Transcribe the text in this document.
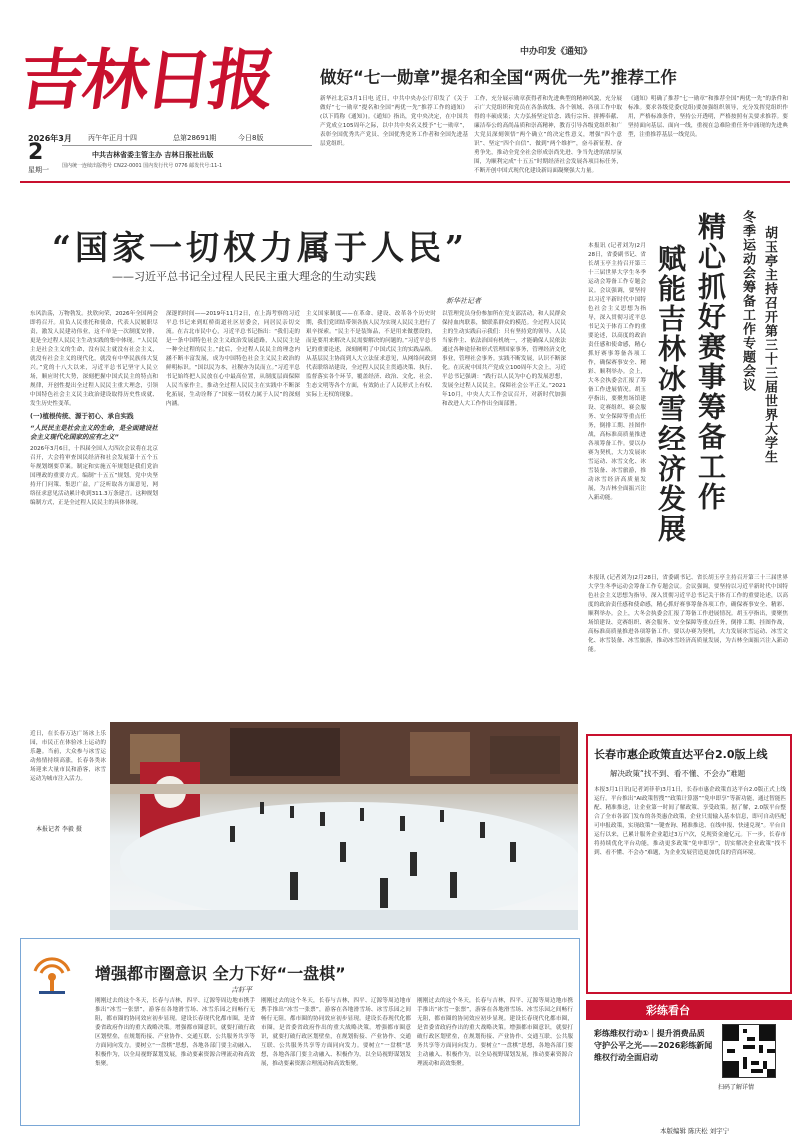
吉林日报
2026年3月
2
星期一
丙午年正月十四	总第28691期	今日8版
中共吉林省委主管主办 吉林日报社出版
国内统一连续出版物号 CN22-0001 国内发行代号 0776 邮发代号:11-1
中办印发《通知》
做好“七一勋章”提名和全国“两优一先”推荐工作
新华社北京3月1日电 近日，中共中央办公厅印发了《关于做好“七一勋章”提名和全国“两优一先”推荐工作的通知》(以下简称《通知》)。《通知》指出，党中央决定，在中国共产党成立105周年之际，以中共中央名义授予“七一勋章”，表彰全国优秀共产党员、全国优秀党务工作者和全国先进基层党组织。
工作，充分展示勋章获得者和先进典型的精神风貌，充分展示广大党组织和党员在各条战线、各个领域、各项工作中取得的丰硕成果；大力弘扬坚定信念、践行宗旨、拼搏奉献、廉洁奉公的高尚品质和崇高精神，教育引导各级党组织和广大党员深刻领悟“两个确立”的决定性意义，增强“四个意识”、坚定“四个自信”、做到“两个维护”，奋斗新征程、奋勇争先，推动全党全社会形成崇尚先进、争当先进的浓厚氛围，为顺利完成“十五五”时期经济社会发展各项目标任务，不断开创中国式现代化建设新局面凝聚强大力量。
《通知》明确了推荐“七一勋章”和推荐全国“两优一先”的条件和标准。要求各级党委(党组)要加强组织领导，充分发挥党组织作用，严格标准条件，坚持公开透明，严格按照有关要求推荐。要坚持面向基层、面向一线，重视在急难险重任务中涌现的先进典型，注重推荐基层一线党员。
“国家一切权力属于人民”
——习近平总书记全过程人民民主重大理念的生动实践
新华社记者
东风浩荡，万物勃发。扶欣向荣，2026年全国两会即将召开。肩负人民重托和使命，代表人民履职尽责，激发人民建功伟业，这不单是一次制度安排，更是全过程人民民主生动实践的集中体现。“人民民主是社会主义的生命，没有民主就没有社会主义，就没有社会主义的现代化，就没有中华民族伟大复兴。”党的十八大以来，习近平总书记坚守人民立场，顺应时代大势，深刻把握中国式民主的特点和规律，开创性提出全过程人民民主重大理念，引领中国特色社会主义民主政治建设取得历史性成就、发生历史性变革。
(一)植根传统、源于初心、承自实践
“人民民主是社会主义的生命，是全面建设社会主义现代化国家的应有之义”
2026年3月6日，十四届全国人大四次会议将在北京召开，大会将审查国民经济和社会发展第十五个五年规划纲要草案。制定和实施五年规划是我们党治国理政的重要方式。编制“十五五”规划，党中央坚持开门问策、集思广益，广泛听取各方面意见，网络征求意见活动累计收到311.3万条建言。这种规划编制方式，正是全过程人民民主的具体体现。
深邃的时间——2019年11月2日，在上海考察的习近平总书记来到虹桥街道社区居委会，同居民亲切交流。在古北市民中心，习近平总书记指出：“我们走的是一条中国特色社会主义政治发展道路，人民民主是一种全过程的民主。”此后，全过程人民民主的理念内涵不断丰富发展，成为中国特色社会主义民主政治的鲜明标识。“国以民为本，社稷亦为民而立。”习近平总书记始终把人民放在心中最高位置，从制度层面保障人民当家作主，推动全过程人民民主在实践中不断深化拓展，生动诠释了“国家一切权力属于人民”的深刻内涵。
主义国家制度——在革命、建设、改革各个历史时期，我们党团结带领各族人民为实现人民民主进行了艰辛探索。“民主不是装饰品，不是用来做摆设的，而是要用来解决人民需要解决的问题的。”习近平总书记的重要论述，深刻阐明了中国式民主的实践品格。从基层民主协商到人大立法征求意见，从网络问政到代表联络站建设，全过程人民民主贯通决策、执行、监督落实各个环节，覆盖经济、政治、文化、社会、生态文明等各个方面，有效防止了人民形式上有权、实际上无权的现象。
以管理党员身份参加所在党支部活动，和人民群众保持血肉联系，做联系群众的模范。全过程人民民主的生动实践启示我们：只有坚持党的领导、人民当家作主、依法治国有机统一，才能确保人民依法通过各种途径和形式管理国家事务，管理经济文化事业，管理社会事务。实践不断发展，认识不断深化。在庆祝中国共产党成立100周年大会上，习近平总书记强调：“践行以人民为中心的发展思想，发展全过程人民民主，保障社会公平正义。”2021年10月，中央人大工作会议召开，对新时代加强和改进人大工作作出全面部署。
近日，在长春万达广场冰上乐园，市民正在体验冰上运动的乐趣。当前，大众参与冰雪运动热情持续高涨，长春各类冰场迎来大量市民和游客，冰雪运动为城市注入活力。
本报记者 李毅 摄
胡玉亭主持召开第三十三届世界大学生
冬季运动会筹备工作专题会议
精心抓好赛事筹备工作
赋能吉林冰雪经济发展
本报讯 (记者刘为)2月28日，省委副书记、省长胡玉亭主持召开第三十三届世界大学生冬季运动会筹备工作专题会议。会议强调，要坚持以习近平新时代中国特色社会主义思想为指导，深入贯彻习近平总书记关于体育工作的重要论述，以高度的政治责任感和使命感，精心抓好赛事筹备各项工作，确保赛事安全、精彩、顺利举办。会上，大冬会执委会汇报了筹备工作进展情况。胡玉亭指出，要聚焦场馆建设、竞赛组织、赛会服务、安全保障等重点任务，倒排工期、挂图作战，高标准高质量推进各项筹备工作。要以办赛为契机，大力发展冰雪运动、冰雪文化、冰雪装备、冰雪旅游，推动冰雪经济高质量发展，为吉林全面振兴注入新动能。
本报讯 (记者刘为)2月28日，省委副书记、省长胡玉亭主持召开第三十三届世界大学生冬季运动会筹备工作专题会议。会议强调，要坚持以习近平新时代中国特色社会主义思想为指导，深入贯彻习近平总书记关于体育工作的重要论述，以高度的政治责任感和使命感，精心抓好赛事筹备各项工作，确保赛事安全、精彩、顺利举办。会上，大冬会执委会汇报了筹备工作进展情况。胡玉亭指出，要聚焦场馆建设、竞赛组织、赛会服务、安全保障等重点任务，倒排工期、挂图作战，高标准高质量推进各项筹备工作。要以办赛为契机，大力发展冰雪运动、冰雪文化、冰雪装备、冰雪旅游，推动冰雪经济高质量发展，为吉林全面振兴注入新动能。
长春市惠企政策直达平台2.0版上线
解决政策“找不到、看不懂、不会办”难题
本报3月1日讯(记者刘菲菲)3月1日，长春市惠企政策直达平台2.0版正式上线运行。平台推出“AI政策智搜”“政策计算器”“免申即享”等新功能，通过智能匹配、精准推送，让企业第一时间了解政策、享受政策。据了解，2.0版平台整合了全市各部门发布的各类惠企政策，企业只需输入基本信息，即可自动匹配可申报政策，实现政策“一键查询、精准推送、在线申报、快速兑现”。平台自运行以来，已累计服务企业超过3万户次，兑现资金逾亿元。下一步，长春市将持续优化平台功能，推动更多政策“免申即享”，切实解决企业政策“找不到、看不懂、不会办”难题，为企业发展营造更加优良的营商环境。
增强都市圈意识 全力下好“一盘棋”
吉轩平
刚刚过去的这个冬天，长春与吉林，四平、辽源等周边地市携手推出“冰雪一张票”，游客在各地滑雪场、冰雪乐园之间畅行无阻，都市圈的协同效应初步显现。建设长春现代化都市圈，是省委省政府作出的重大战略决策。增强都市圈意识，就要打破行政区划壁垒，在规划衔接、产业协作、交通互联、公共服务共享等方面同向发力。要树立“一盘棋”思想，各地各部门要主动融入、积极作为，以全局视野谋划发展，推动要素资源合理流动和高效集聚。
刚刚过去的这个冬天，长春与吉林，四平、辽源等周边地市携手推出“冰雪一张票”，游客在各地滑雪场、冰雪乐园之间畅行无阻，都市圈的协同效应初步显现。建设长春现代化都市圈，是省委省政府作出的重大战略决策。增强都市圈意识，就要打破行政区划壁垒，在规划衔接、产业协作、交通互联、公共服务共享等方面同向发力。要树立“一盘棋”思想，各地各部门要主动融入、积极作为，以全局视野谋划发展，推动要素资源合理流动和高效集聚。
刚刚过去的这个冬天，长春与吉林，四平、辽源等周边地市携手推出“冰雪一张票”，游客在各地滑雪场、冰雪乐园之间畅行无阻，都市圈的协同效应初步显现。建设长春现代化都市圈，是省委省政府作出的重大战略决策。增强都市圈意识，就要打破行政区划壁垒，在规划衔接、产业协作、交通互联、公共服务共享等方面同向发力。要树立“一盘棋”思想，各地各部门要主动融入、积极作为，以全局视野谋划发展，推动要素资源合理流动和高效集聚。
彩练看台
彩练维权行动①｜提升消费品质 守护公平之光——2026彩练新闻维权行动全面启动
扫码了解详情
本版编辑 陈庆松 刘宇宁
